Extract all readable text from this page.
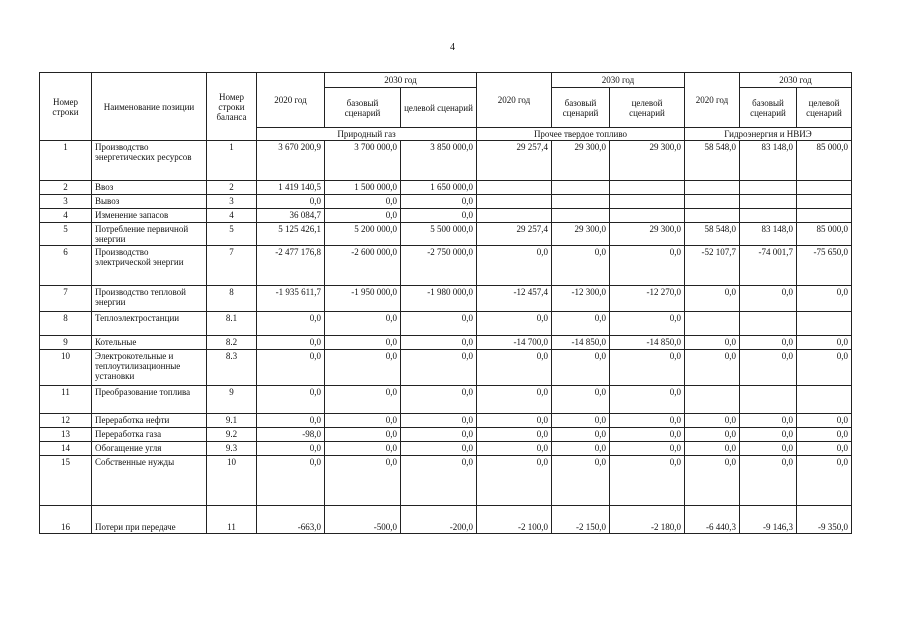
4
Номер строки	Наименование позиции	Номер строки баланса	2020 год	2030 год		2020 год	2030 год		2020 год	2030 год	
				базовый сценарий	целевой сценарий		базовый сценарий	целевой сценарий		базовый сценарий	целевой сценарий
			Природный газ			Прочее твердое топливо			Гидроэнергия и НВИЭ		
1	Производство энергетических ресурсов	1	3 670 200,9	3 700 000,0	3 850 000,0	29 257,4	29 300,0	29 300,0	58 548,0	83 148,0	85 000,0
2	Ввоз	2	1 419 140,5	1 500 000,0	1 650 000,0						
3	Вывоз	3	0,0	0,0	0,0						
4	Изменение запасов	4	36 084,7	0,0	0,0						
5	Потребление первичной энергии	5	5 125 426,1	5 200 000,0	5 500 000,0	29 257,4	29 300,0	29 300,0	58 548,0	83 148,0	85 000,0
6	Производство электрической энергии	7	-2 477 176,8	-2 600 000,0	-2 750 000,0	0,0	0,0	0,0	-52 107,7	-74 001,7	-75 650,0
7	Производство тепловой энергии	8	-1 935 611,7	-1 950 000,0	-1 980 000,0	-12 457,4	-12 300,0	-12 270,0	0,0	0,0	0,0
8	Теплоэлектростанции	8.1	0,0	0,0	0,0	0,0	0,0	0,0			
9	Котельные	8.2	0,0	0,0	0,0	-14 700,0	-14 850,0	-14 850,0	0,0	0,0	0,0
10	Электрокотельные и теплоутилизационные установки	8.3	0,0	0,0	0,0	0,0	0,0	0,0	0,0	0,0	0,0
11	Преобразование топлива	9	0,0	0,0	0,0	0,0	0,0	0,0			
12	Переработка нефти	9.1	0,0	0,0	0,0	0,0	0,0	0,0	0,0	0,0	0,0
13	Переработка газа	9.2	-98,0	0,0	0,0	0,0	0,0	0,0	0,0	0,0	0,0
14	Обогащение угля	9.3	0,0	0,0	0,0	0,0	0,0	0,0	0,0	0,0	0,0
15	Собственные нужды	10	0,0	0,0	0,0	0,0	0,0	0,0	0,0	0,0	0,0
16	Потери при передаче	11	-663,0	-500,0	-200,0	-2 100,0	-2 150,0	-2 180,0	-6 440,3	-9 146,3	-9 350,0
